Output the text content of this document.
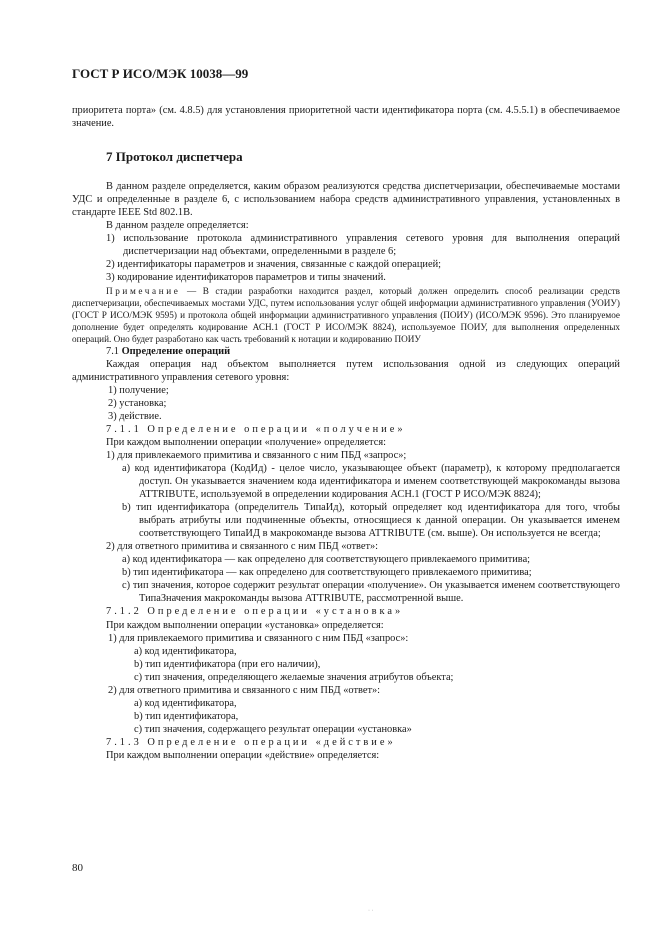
ГОСТ Р ИСО/МЭК 10038—99

приоритета порта» (см. 4.8.5) для установления приоритетной части идентификатора порта (см. 4.5.5.1) в обеспечиваемое значение.

7 Протокол диспетчера

В данном разделе определяется, каким образом реализуются средства диспетчеризации, обеспечиваемые мостами УДС и определенные в разделе 6, с использованием набора средств административного управления, установленных в стандарте IEEE Std 802.1B.

В данном разделе определяется:

1) использование протокола административного управления сетевого уровня для выполнения операций диспетчеризации над объектами, определенными в разделе 6;

2) идентификаторы параметров и значения, связанные с каждой операцией;

3) кодирование идентификаторов параметров и типы значений.

Примечание — В стадии разработки находится раздел, который должен определить способ реализации средств диспетчеризации, обеспечиваемых мостами УДС, путем использования услуг общей информации административного управления (УОИУ) (ГОСТ Р ИСО/МЭК 9595) и протокола общей информации административного управления (ПОИУ) (ИСО/МЭК 9596). Это планируемое дополнение будет определять кодирование АСН.1 (ГОСТ Р ИСО/МЭК 8824), используемое ПОИУ, для выполнения определенных операций. Оно будет разработано как часть требований к нотации и кодированию ПОИУ

7.1 Определение операций

Каждая операция над объектом выполняется путем использования одной из следующих операций административного управления сетевого уровня:

1) получение;

2) установка;

3) действие.

7.1.1 Определение операции «получение»

При каждом выполнении операции «получение» определяется:

1) для привлекаемого примитива и связанного с ним ПБД «запрос»;

а) код идентификатора (КодИд) - целое число, указывающее объект (параметр), к которому предполагается доступ. Он указывается значением кода идентификатора и именем соответствующей макрокоманды вызова ATTRIBUTE, используемой в определении кодирования АСН.1 (ГОСТ Р ИСО/МЭК 8824);

b) тип идентификатора (определитель ТипаИд), который определяет код идентификатора для того, чтобы выбрать атрибуты или подчиненные объекты, относящиеся к данной операции. Он указывается именем соответствующего ТипаИД в макрокоманде вызова ATTRIBUTE (см. выше). Он используется не всегда;

2) для ответного примитива и связанного с ним ПБД «ответ»:

а) код идентификатора — как определено для соответствующего привлекаемого примитива;

b) тип идентификатора — как определено для соответствующего привлекаемого примитива;

c) тип значения, которое содержит результат операции «получение». Он указывается именем соответствующего ТипаЗначения макрокоманды вызова ATTRIBUTE, рассмотренной выше.

7.1.2 Определение операции «установка»

При каждом выполнении операции «установка» определяется:

1) для привлекаемого примитива и связанного с ним ПБД «запрос»:

а) код идентификатора,

b) тип идентификатора (при его наличии),

c) тип значения, определяющего желаемые значения атрибутов объекта;

2) для ответного примитива и связанного с ним ПБД «ответ»:

а) код идентификатора,

b) тип идентификатора,

c) тип значения, содержащего результат операции «установка»

7.1.3 Определение операции «действие»

При каждом выполнении операции «действие» определяется:

80
· ·
